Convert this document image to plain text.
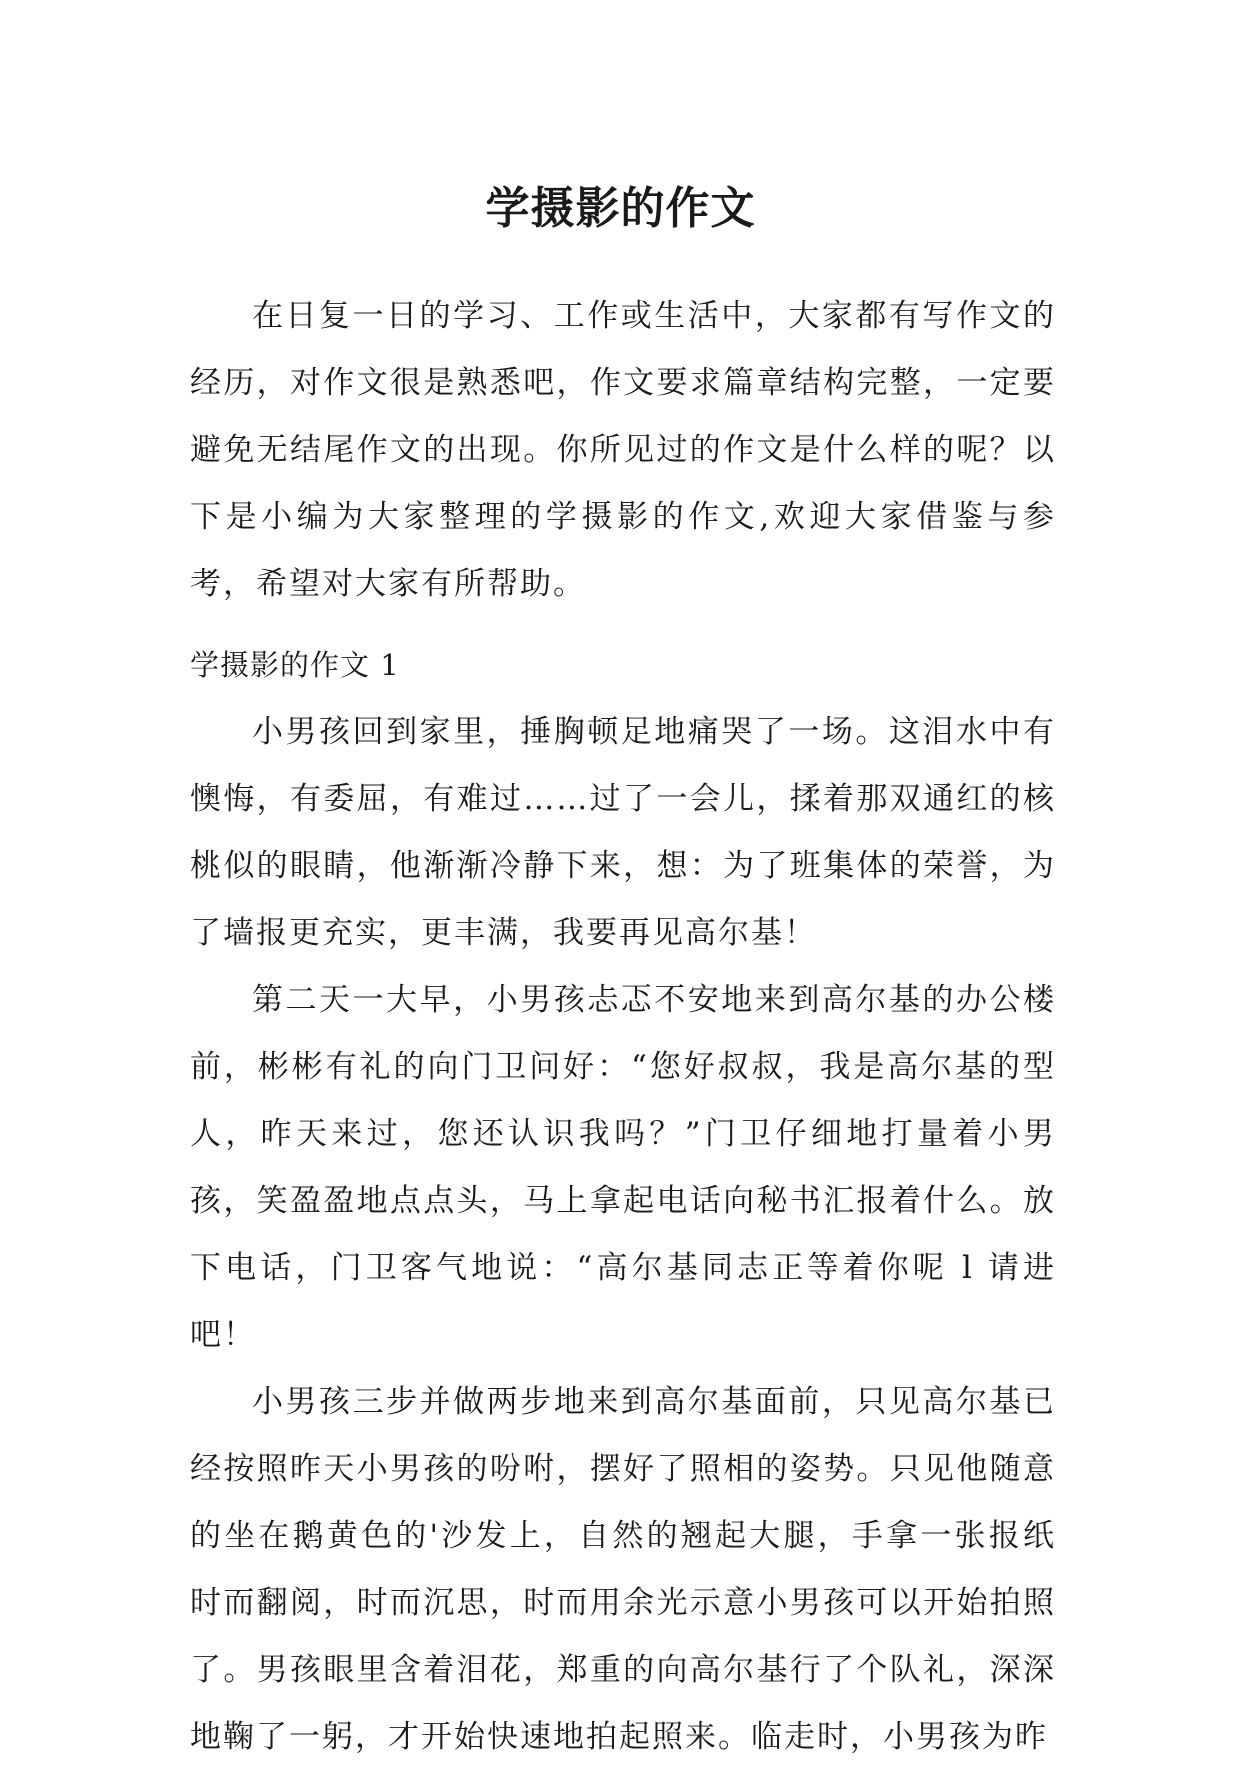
学摄影的作文

在日复一日的学习、工作或生活中，大家都有写作文的经历，对作文很是熟悉吧，作文要求篇章结构完整，一定要避免无结尾作文的出现。你所见过的作文是什么样的呢？以下是小编为大家整理的学摄影的作文,欢迎大家借鉴与参考，希望对大家有所帮助。

学摄影的作文 1

小男孩回到家里，捶胸顿足地痛哭了一场。这泪水中有懊悔，有委屈，有难过……过了一会儿，揉着那双通红的核桃似的眼睛，他渐渐冷静下来，想：为了班集体的荣誉，为了墙报更充实，更丰满，我要再见高尔基！

第二天一大早，小男孩忐忑不安地来到高尔基的办公楼前，彬彬有礼的向门卫问好：“您好叔叔，我是高尔基的型人，昨天来过，您还认识我吗？”门卫仔细地打量着小男孩，笑盈盈地点点头，马上拿起电话向秘书汇报着什么。放下电话，门卫客气地说：“高尔基同志正等着你呢 l 请进吧！

小男孩三步并做两步地来到高尔基面前，只见高尔基已经按照昨天小男孩的吩咐，摆好了照相的姿势。只见他随意的坐在鹅黄色的'沙发上，自然的翘起大腿，手拿一张报纸时而翻阅，时而沉思，时而用余光示意小男孩可以开始拍照了。男孩眼里含着泪花，郑重的向高尔基行了个队礼，深深地鞠了一躬，才开始快速地拍起照来。临走时，小男孩为昨
